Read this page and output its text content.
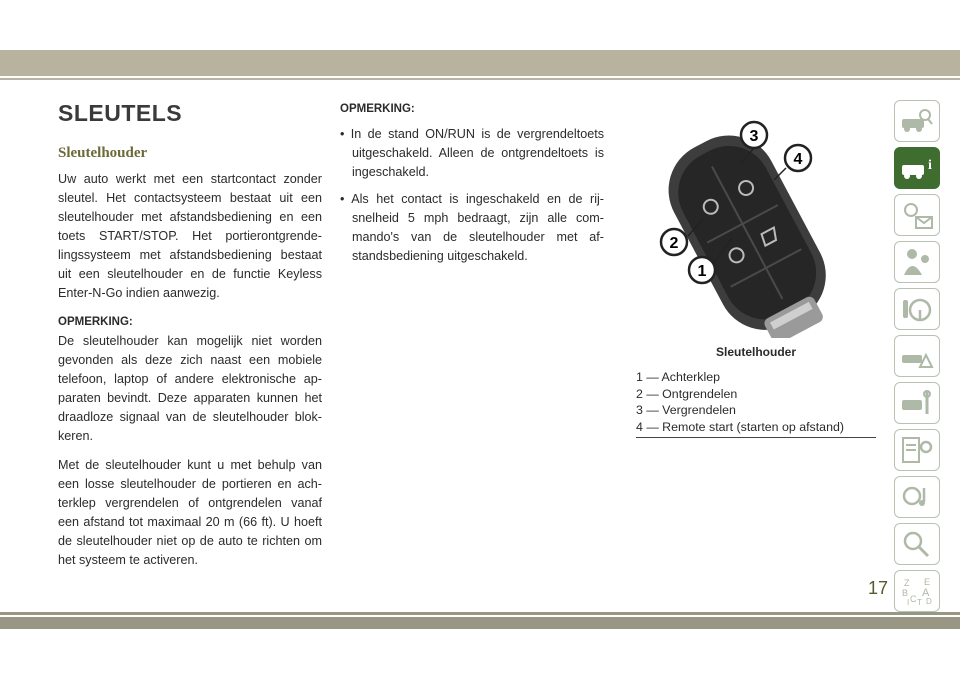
SLEUTELS
Sleutelhouder

Uw auto werkt met een startcontact zonder sleutel. Het contactsysteem bestaat uit een sleutelhouder met afstandsbediening en een toets START/STOP. Het portierontgrende-lingssysteem met afstandsbediening bestaat uit een sleutelhouder en de functie Keyless Enter-N-Go indien aanwezig.

OPMERKING:

De sleutelhouder kan mogelijk niet worden gevonden als deze zich naast een mobiele telefoon, laptop of andere elektronische ap-paraten bevindt. Deze apparaten kunnen het draadloze signaal van de sleutelhouder blok-keren.

Met de sleutelhouder kunt u met behulp van een losse sleutelhouder de portieren en ach-terklep vergrendelen of ontgrendelen vanaf een afstand tot maximaal 20 m (66 ft). U hoeft de sleutelhouder niet op de auto te richten om het systeem te activeren.

OPMERKING:
• In de stand ON/RUN is de vergrendeltoets uitgeschakeld. Alleen de ontgrendeltoets is ingeschakeld.
• Als het contact is ingeschakeld en de rij-snelheid 5 mph bedraagt, zijn alle com-mando's van de sleutelhouder met af-standsbediening uitgeschakeld.
3
4
2
1
Sleutelhouder
1 — Achterklep
2 — Ontgrendelen
3 — Vergrendelen
4 — Remote start (starten op afstand)
i
Z E
B A
C D
I T
17
